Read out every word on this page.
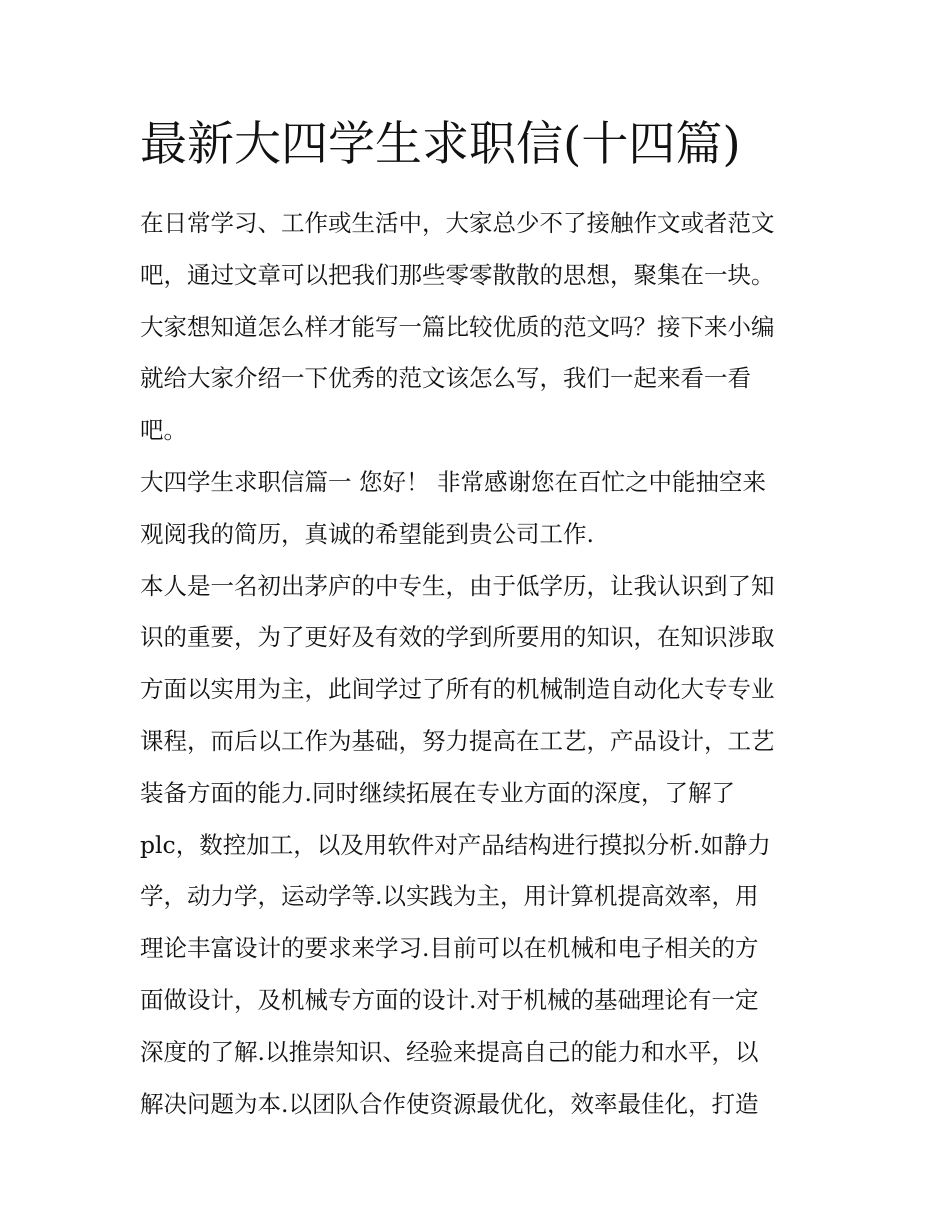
最新大四学生求职信(十四篇)

在日常学习、工作或生活中，大家总少不了接触作文或者范文

吧，通过文章可以把我们那些零零散散的思想，聚集在一块。

大家想知道怎么样才能写一篇比较优质的范文吗？接下来小编

就给大家介绍一下优秀的范文该怎么写，我们一起来看一看

吧。

大四学生求职信篇一 您好！ 非常感谢您在百忙之中能抽空来

观阅我的简历，真诚的希望能到贵公司工作.

本人是一名初出茅庐的中专生，由于低学历，让我认识到了知

识的重要，为了更好及有效的学到所要用的知识，在知识涉取

方面以实用为主，此间学过了所有的机械制造自动化大专专业

课程，而后以工作为基础，努力提高在工艺，产品设计，工艺

装备方面的能力.同时继续拓展在专业方面的深度，了解了

plc，数控加工，以及用软件对产品结构进行摸拟分析.如静力

学，动力学，运动学等.以实践为主，用计算机提高效率，用

理论丰富设计的要求来学习.目前可以在机械和电子相关的方

面做设计，及机械专方面的设计.对于机械的基础理论有一定

深度的了解.以推崇知识、经验来提高自己的能力和水平，以

解决问题为本.以团队合作使资源最优化，效率最佳化，打造
